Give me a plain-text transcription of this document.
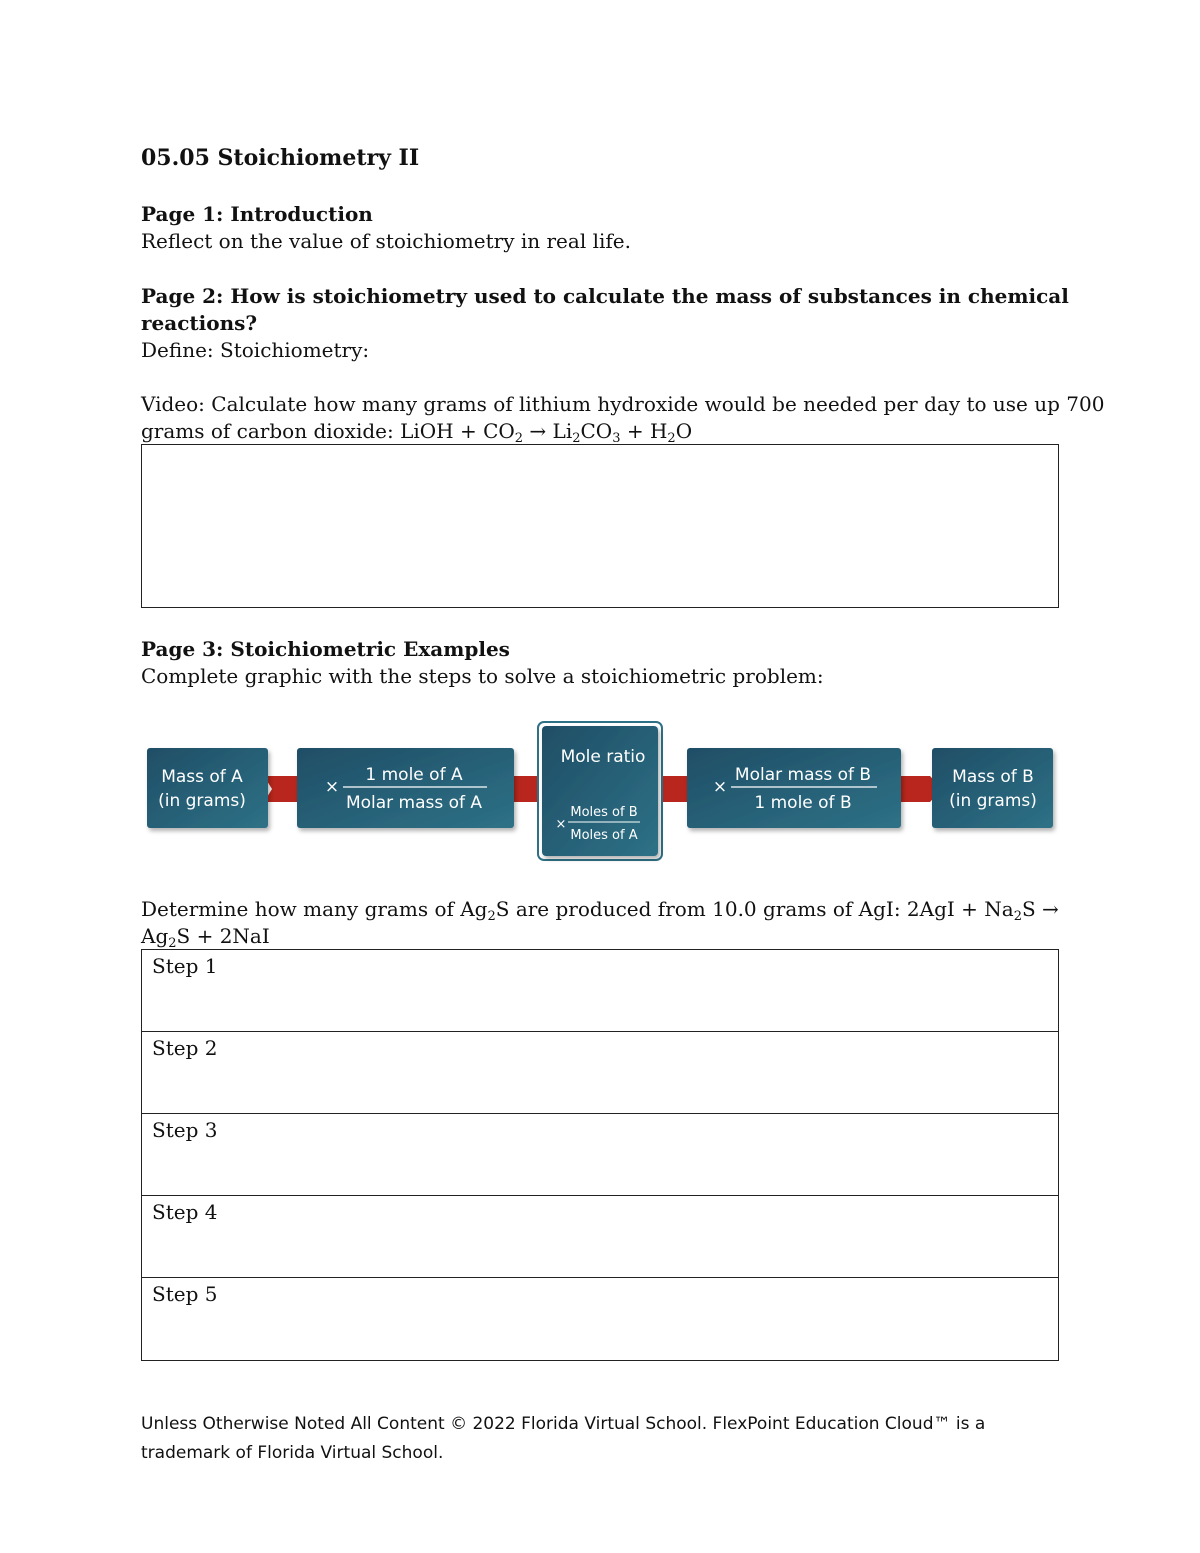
05.05 Stoichiometry II
Page 1: Introduction
Reflect on the value of stoichiometry in real life.
Page 2: How is stoichiometry used to calculate the mass of substances in chemical
reactions?
Define: Stoichiometry:
Video: Calculate how many grams of lithium hydroxide would be needed per day to use up 700
grams of carbon dioxide: LiOH + $CO_2 \to Li_2CO_3 + H_2O$
Page 3: Stoichiometric Examples
Complete graphic with the steps to solve a stoichiometric problem:
Mass of A
(in grams)
×
1 mole of A
Molar mass of A
Mole ratio
×
Moles of B
Moles of A
×
Molar mass of B
1 mole of B
Mass of B
(in grams)
Determine how many grams of $Ag_2S$ are produced from 10.0 grams of AgI: $2AgI + Na_2S$ →
$Ag_2S + 2NaI$
Step 1
Step 2
Step 3
Step 4
Step 5
Unless Otherwise Noted All Content © 2022 Florida Virtual School. FlexPoint Education Cloud™ is a
trademark of Florida Virtual School.
